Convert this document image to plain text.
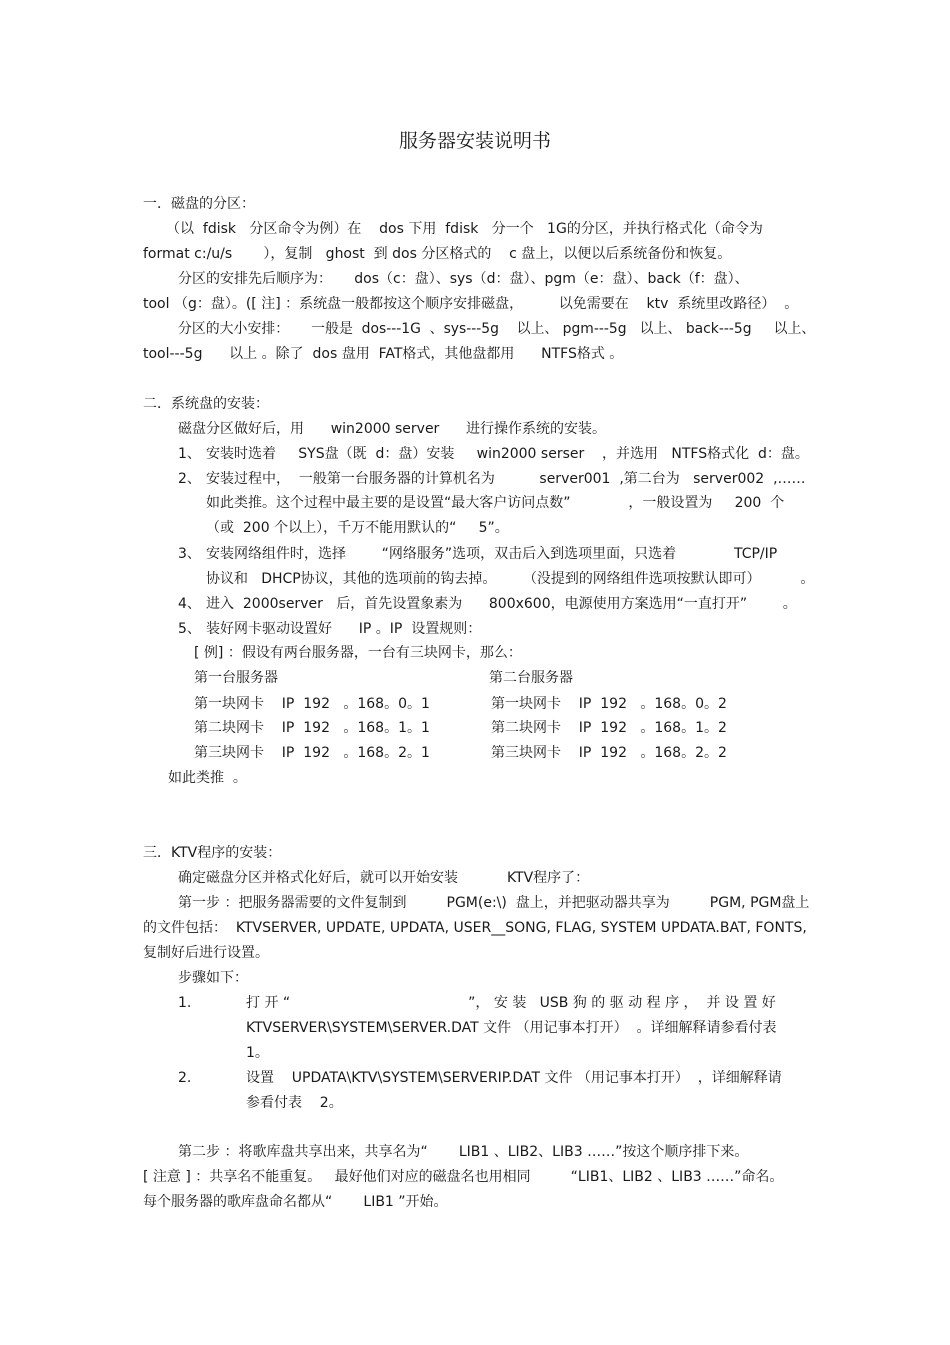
服务器安装说明书
一．磁盘的分区：
（以  fdisk   分区命令为例）在    dos 下用  fdisk   分一个   1G的分区，并执行格式化（命令为
format c:/u/s       ），复制   ghost  到 dos 分区格式的    c 盘上，以便以后系统备份和恢复。
分区的安排先后顺序为：     dos（c：盘）、sys（d：盘）、pgm（e：盘）、back（f：盘）、
tool （g：盘）。([ 注] ：系统盘一般都按这个顺序安排磁盘，        以免需要在    ktv  系统里改路径）  。
分区的大小安排：     一般是  dos---1G  、sys---5g    以上、 pgm---5g   以上、 back---5g     以上、
tool---5g      以上 。除了  dos 盘用  FAT格式，其他盘都用      NTFS格式 。
二．系统盘的安装：
磁盘分区做好后，用      win2000 server      进行操作系统的安装。
1、 安装时选着     SYS盘（既  d：盘）安装     win2000 serser    ，并选用   NTFS格式化  d：盘。
2、 安装过程中，  一般第一台服务器的计算机名为          server001  ,第二台为   server002  ,……
如此类推。这个过程中最主要的是设置“最大客户访问点数”             ，一般设置为     200  个
（或  200 个以上），千万不能用默认的“     5”。
3、 安装网络组件时，选择        “网络服务”选项，双击后入到选项里面，只选着             TCP/IP
协议和   DHCP协议，其他的选项前的钩去掉。      （没提到的网络组件选项按默认即可）         。
4、 进入  2000server   后，首先设置象素为      800x600，电源使用方案选用“一直打开”        。
5、 装好网卡驱动设置好      IP 。IP  设置规则：
[ 例] ：假设有两台服务器，一台有三块网卡，那么：
第一台服务器	第二台服务器
第一块网卡    IP  192   。168。0。1	第一块网卡    IP  192   。168。0。2
第二块网卡    IP  192   。168。1。1	第二块网卡    IP  192   。168。1。2
第三块网卡    IP  192   。168。2。1	第三块网卡    IP  192   。168。2。2
如此类推  。
三．KTV程序的安装：
确定磁盘分区并格式化好后，就可以开始安装           KTV程序了：
第一步 ：把服务器需要的文件复制到         PGM(e:\)  盘上，并把驱动器共享为         PGM, PGM盘上
的文件包括：  KTVSERVER, UPDATE, UPDATA, USER__SONG, FLAG, SYSTEM UPDATA.BAT, FONTS,
复制好后进行设置。
步骤如下：
1.	打 开 “                                        ”， 安 装   USB 狗 的 驱 动 程 序 ，  并 设 置 好
KTVSERVER\SYSTEM\SERVER.DAT 文件 （用记事本打开）  。详细解释请参看付表
1。
2.	设置    UPDATA\KTV\SYSTEM\SERVERIP.DAT 文件 （用记事本打开）  ，详细解释请
参看付表    2。
第二步 ：将歌库盘共享出来，共享名为“       LIB1 、LIB2、LIB3 ……”按这个顺序排下来。
[ 注意 ] ：共享名不能重复。   最好他们对应的磁盘名也用相同         “LIB1、LIB2 、LIB3 ……”命名。
每个服务器的歌库盘命名都从“       LIB1 ”开始。
